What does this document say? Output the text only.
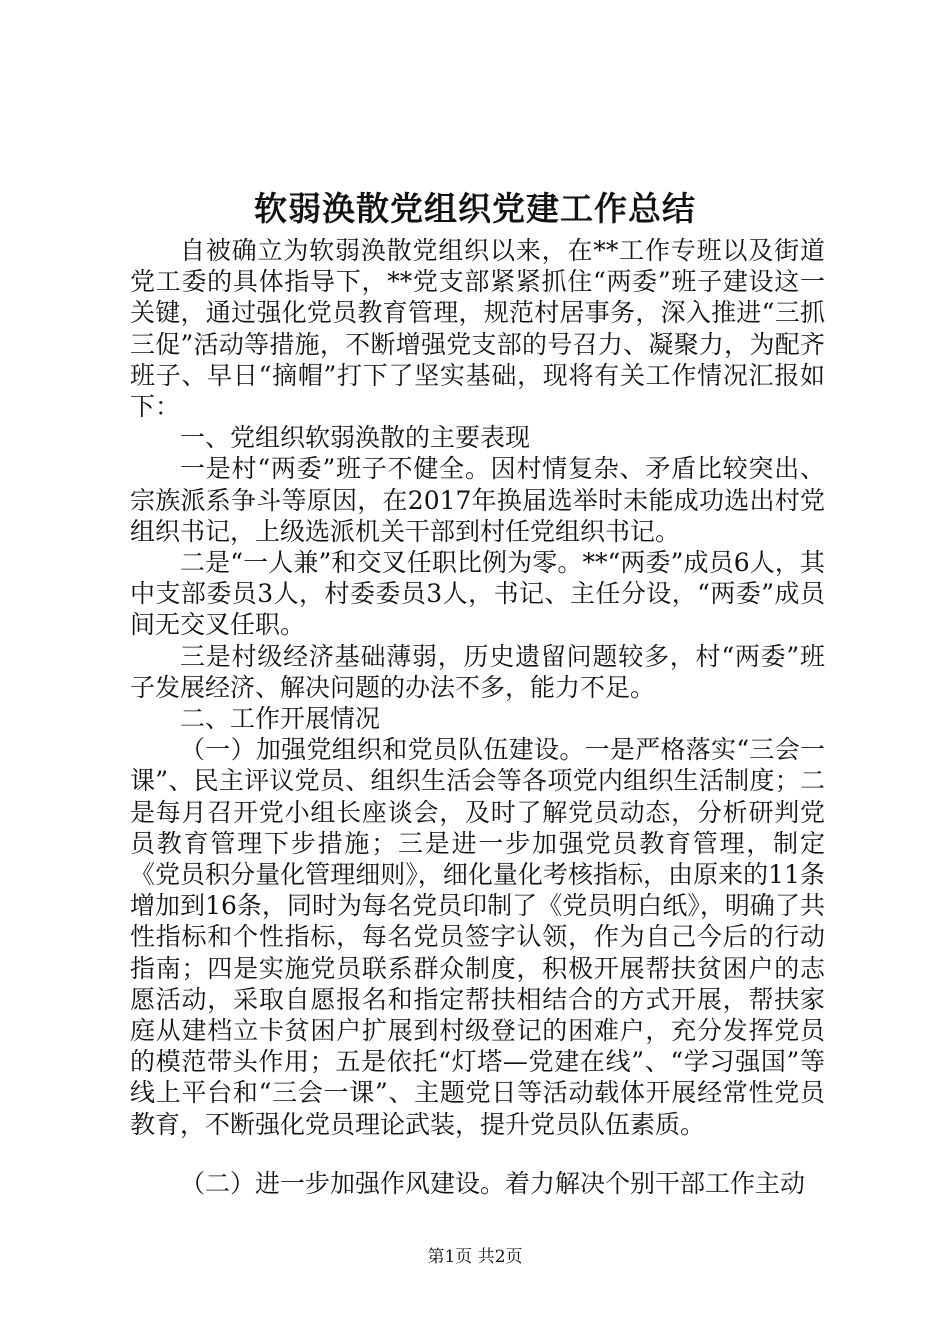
软弱涣散党组织党建工作总结

自被确立为软弱涣散党组织以来，在**工作专班以及街道党工委的具体指导下，**党支部紧紧抓住“两委”班子建设这一关键，通过强化党员教育管理，规范村居事务，深入推进“三抓三促”活动等措施，不断增强党支部的号召力、凝聚力，为配齐班子、早日“摘帽”打下了坚实基础，现将有关工作情况汇报如下：

一、党组织软弱涣散的主要表现

一是村“两委”班子不健全。因村情复杂、矛盾比较突出、宗族派系争斗等原因，在2017年换届选举时未能成功选出村党组织书记，上级选派机关干部到村任党组织书记。

二是“一人兼”和交叉任职比例为零。**“两委”成员6人，其中支部委员3人，村委委员3人，书记、主任分设，“两委”成员间无交叉任职。

三是村级经济基础薄弱，历史遗留问题较多，村“两委”班子发展经济、解决问题的办法不多，能力不足。

二、工作开展情况

（一）加强党组织和党员队伍建设。一是严格落实“三会一课”、民主评议党员、组织生活会等各项党内组织生活制度；二是每月召开党小组长座谈会，及时了解党员动态，分析研判党员教育管理下步措施；三是进一步加强党员教育管理，制定《党员积分量化管理细则》，细化量化考核指标，由原来的11条增加到16条，同时为每名党员印制了《党员明白纸》，明确了共性指标和个性指标，每名党员签字认领，作为自己今后的行动指南；四是实施党员联系群众制度，积极开展帮扶贫困户的志愿活动，采取自愿报名和指定帮扶相结合的方式开展，帮扶家庭从建档立卡贫困户扩展到村级登记的困难户，充分发挥党员的模范带头作用；五是依托“灯塔—党建在线”、“学习强国”等线上平台和“三会一课”、主题党日等活动载体开展经常性党员教育，不断强化党员理论武装，提升党员队伍素质。

（二）进一步加强作风建设。着力解决个别干部工作主动

第1页 共2页
